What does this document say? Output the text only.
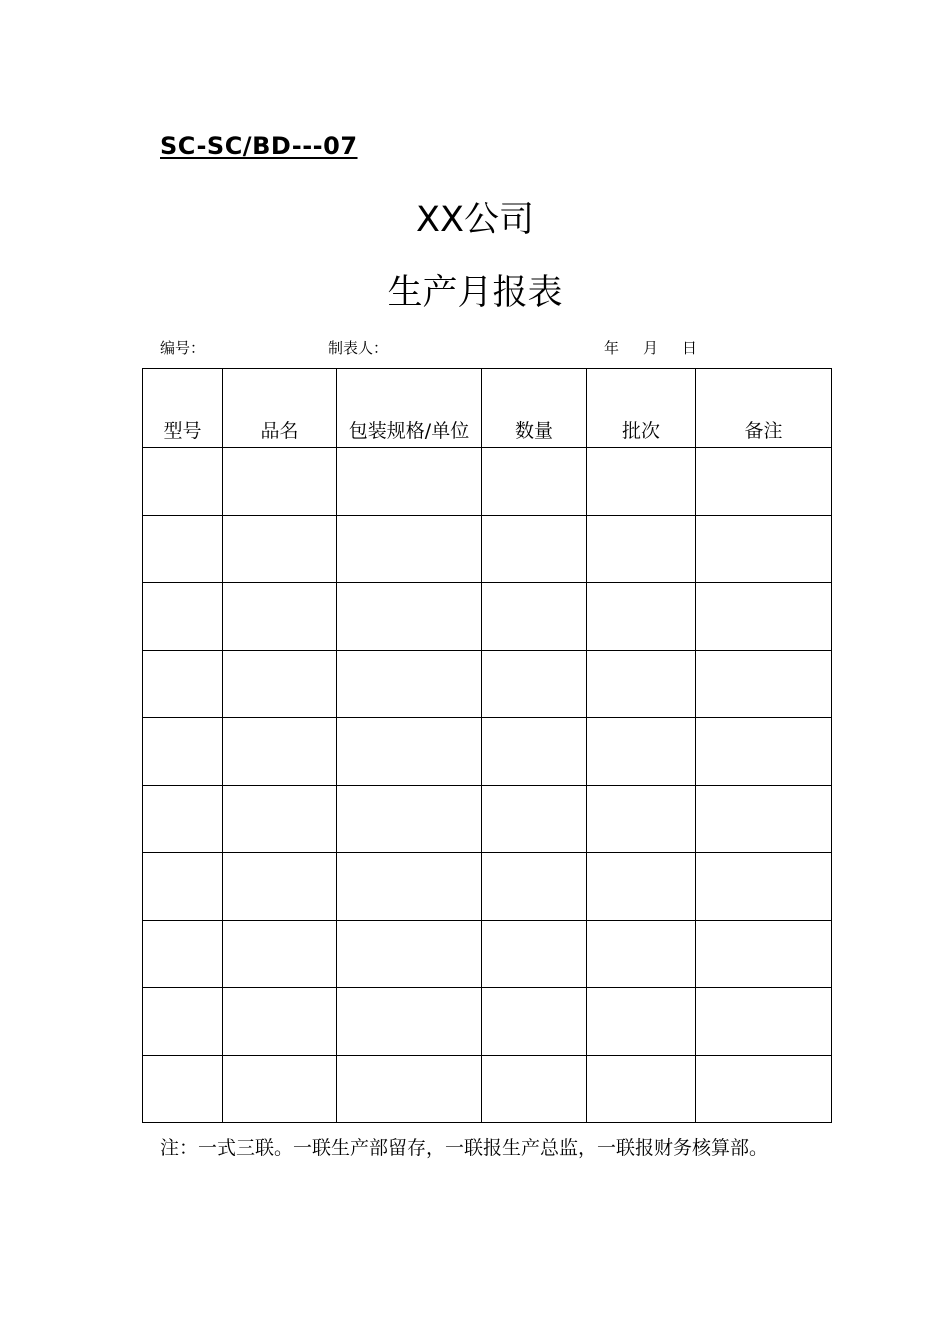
SC-SC/BD---07
XX公司
生产月报表
编号：	制表人：	年 月 日
型号	品名	包装规格/单位	数量	批次	备注

注：一式三联。一联生产部留存，一联报生产总监，一联报财务核算部。
